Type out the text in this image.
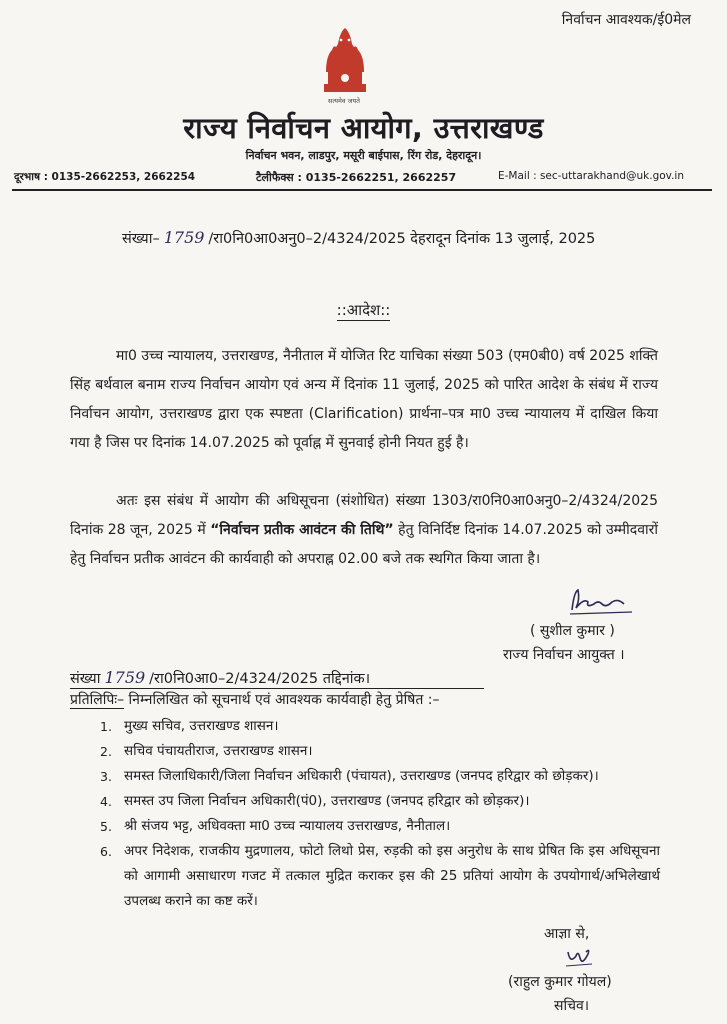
निर्वाचन आवश्यक/ई0मेल
सत्यमेव जयते
राज्य निर्वाचन आयोग, उत्तराखण्ड
निर्वाचन भवन, लाडपुर, मसूरी बाईपास, रिंग रोड, देहरादून।
दूरभाष : 0135-2662253, 2662254	टैलीफैक्स : 0135-2662251, 2662257	E-Mail : sec-uttarakhand@uk.gov.in
संख्या– 1759 /रा0नि0आ0अनु0–2/4324/2025 देहरादून दिनांक 13 जुलाई, 2025
::आदेश::
मा0 उच्च न्यायालय, उत्तराखण्ड, नैनीताल में योजित रिट याचिका संख्या 503 (एम0बी0) वर्ष 2025 शक्ति सिंह बर्थवाल बनाम राज्य निर्वाचन आयोग एवं अन्य में दिनांक 11 जुलाई, 2025 को पारित आदेश के संबंध में राज्य निर्वाचन आयोग, उत्तराखण्ड द्वारा एक स्पष्टता (Clarification) प्रार्थना–पत्र मा0 उच्च न्यायालय में दाखिल किया गया है जिस पर दिनांक 14.07.2025 को पूर्वाह्न में सुनवाई होनी नियत हुई है।
अतः इस संबंध में आयोग की अधिसूचना (संशोधित) संख्या 1303/रा0नि0आ0अनु0–2/4324/2025 दिनांक 28 जून, 2025 में “निर्वाचन प्रतीक आवंटन की तिथि” हेतु विनिर्दिष्ट दिनांक 14.07.2025 को उम्मीदवारों हेतु निर्वाचन प्रतीक आवंटन की कार्यवाही को अपराह्न 02.00 बजे तक स्थगित किया जाता है।
( सुशील कुमार )
राज्य निर्वाचन आयुक्त ।
संख्या 1759 /रा0नि0आ0–2/4324/2025 तद्दिनांक।
प्रतिलिपिः– निम्नलिखित को सूचनार्थ एवं आवश्यक कार्यवाही हेतु प्रेषित :–
1. मुख्य सचिव, उत्तराखण्ड शासन।
2. सचिव पंचायतीराज, उत्तराखण्ड शासन।
3. समस्त जिलाधिकारी/जिला निर्वाचन अधिकारी (पंचायत), उत्तराखण्ड (जनपद हरिद्वार को छोड़कर)।
4. समस्त उप जिला निर्वाचन अधिकारी(पं0), उत्तराखण्ड (जनपद हरिद्वार को छोड़कर)।
5. श्री संजय भट्ट, अधिवक्ता मा0 उच्च न्यायालय उत्तराखण्ड, नैनीताल।
6. अपर निदेशक, राजकीय मुद्रणालय, फोटो लिथो प्रेस, रुड़की को इस अनुरोध के साथ प्रेषित कि इस अधिसूचना को आगामी असाधारण गजट में तत्काल मुद्रित कराकर इस की 25 प्रतियां आयोग के उपयोगार्थ/अभिलेखार्थ उपलब्ध कराने का कष्ट करें।
आज्ञा से,
(राहुल कुमार गोयल)
सचिव।
